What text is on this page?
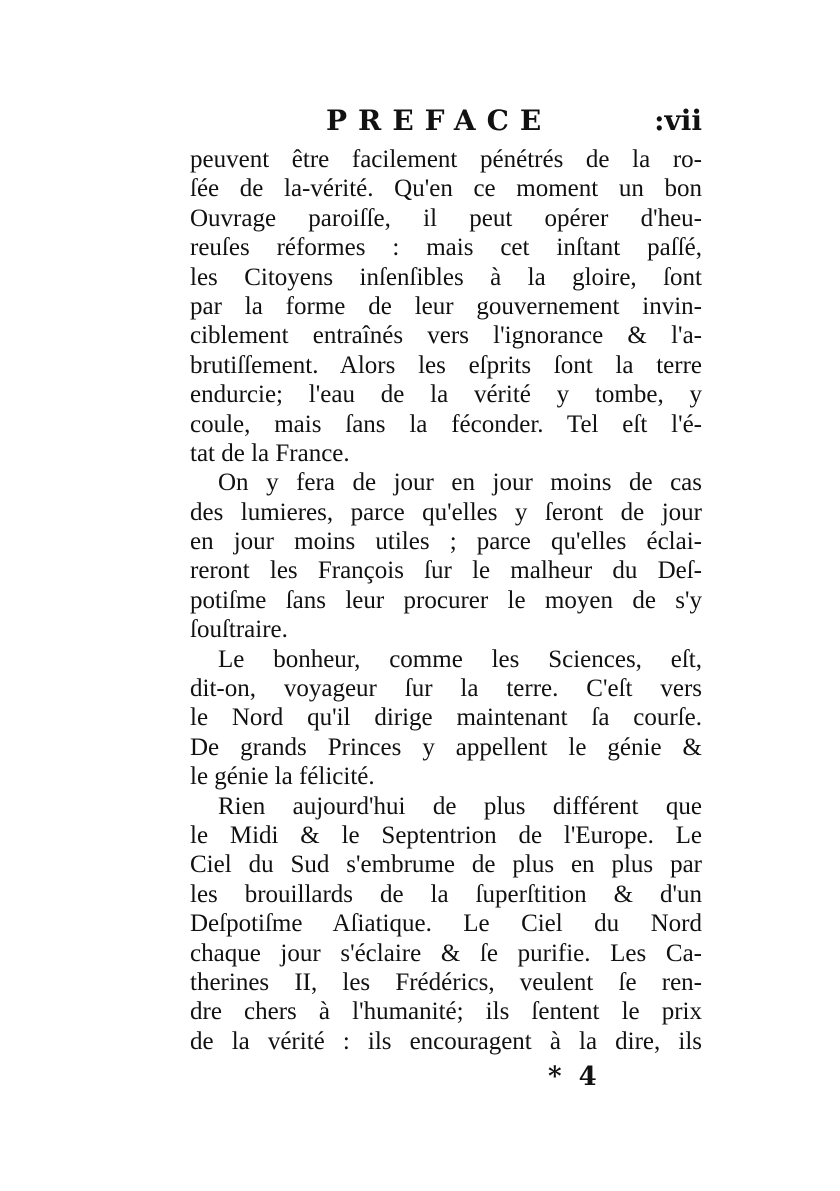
PREFACE	:vii
peuvent être facilement pénétrés de la ro-
ſée de la-vérité. Qu'en ce moment un bon
Ouvrage paroiſſe, il peut opérer d'heu-
reuſes réformes : mais cet inſtant paſſé,
les Citoyens inſenſibles à la gloire, ſont
par la forme de leur gouvernement invin-
ciblement entraînés vers l'ignorance & l'a-
brutiſſement. Alors les eſprits ſont la terre
endurcie; l'eau de la vérité y tombe, y
coule, mais ſans la féconder. Tel eſt l'é-
tat de la France.
On y fera de jour en jour moins de cas
des lumieres, parce qu'elles y ſeront de jour
en jour moins utiles ; parce qu'elles éclai-
reront les François ſur le malheur du Deſ-
potiſme ſans leur procurer le moyen de s'y
ſouſtraire.
Le bonheur, comme les Sciences, eſt,
dit-on, voyageur ſur la terre. C'eſt vers
le Nord qu'il dirige maintenant ſa courſe.
De grands Princes y appellent le génie &
le génie la félicité.
Rien aujourd'hui de plus différent que
le Midi & le Septentrion de l'Europe. Le
Ciel du Sud s'embrume de plus en plus par
les brouillards de la ſuperſtition & d'un
Deſpotiſme Aſiatique. Le Ciel du Nord
chaque jour s'éclaire & ſe purifie. Les Ca-
therines II, les Frédérics, veulent ſe ren-
dre chers à l'humanité; ils ſentent le prix
de la vérité : ils encouragent à la dire, ils
* 4
